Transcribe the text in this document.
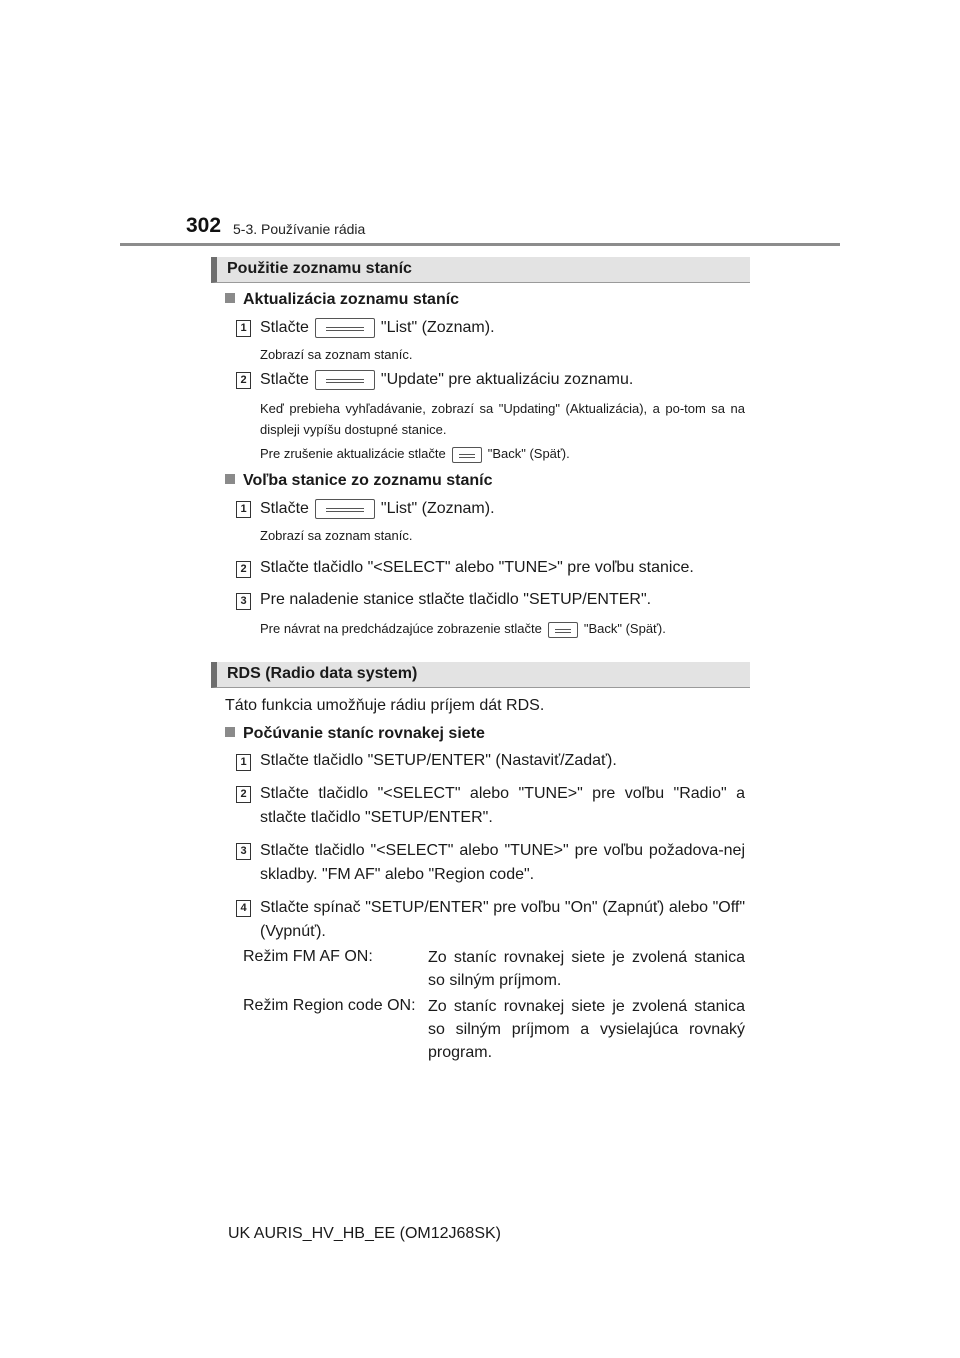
302 5-3. Používanie rádia
Použitie zoznamu staníc
Aktualizácia zoznamu staníc
1 Stlačte	"List" (Zoznam).
Zobrazí sa zoznam staníc.
2 Stlačte	"Update" pre aktualizáciu zoznamu.
Keď prebieha vyhľadávanie, zobrazí sa "Updating" (Aktualizácia), a po-tom sa na displeji vypíšu dostupné stanice.
Pre zrušenie aktualizácie stlačte	"Back" (Späť).
Voľba stanice zo zoznamu staníc
1 Stlačte	"List" (Zoznam).
Zobrazí sa zoznam staníc.
2 Stlačte tlačidlo "<SELECT" alebo "TUNE>" pre voľbu stanice.
3 Pre naladenie stanice stlačte tlačidlo "SETUP/ENTER".
Pre návrat na predchádzajúce zobrazenie stlačte	"Back" (Späť).
RDS (Radio data system)
Táto funkcia umožňuje rádiu príjem dát RDS.
Počúvanie staníc rovnakej siete
1 Stlačte tlačidlo "SETUP/ENTER" (Nastaviť/Zadať).
2 Stlačte tlačidlo "<SELECT" alebo "TUNE>" pre voľbu "Radio" a stlačte tlačidlo "SETUP/ENTER".
3 Stlačte tlačidlo "<SELECT" alebo "TUNE>" pre voľbu požadova-nej skladby. "FM AF" alebo "Region code".
4 Stlačte spínač "SETUP/ENTER" pre voľbu "On" (Zapnúť) alebo "Off" (Vypnúť).
Režim FM AF ON:	Zo staníc rovnakej siete je zvolená stanica so silným príjmom.
Režim Region code ON: Zo staníc rovnakej siete je zvolená stanica so silným príjmom a vysielajúca rovnaký program.
UK AURIS_HV_HB_EE (OM12J68SK)
